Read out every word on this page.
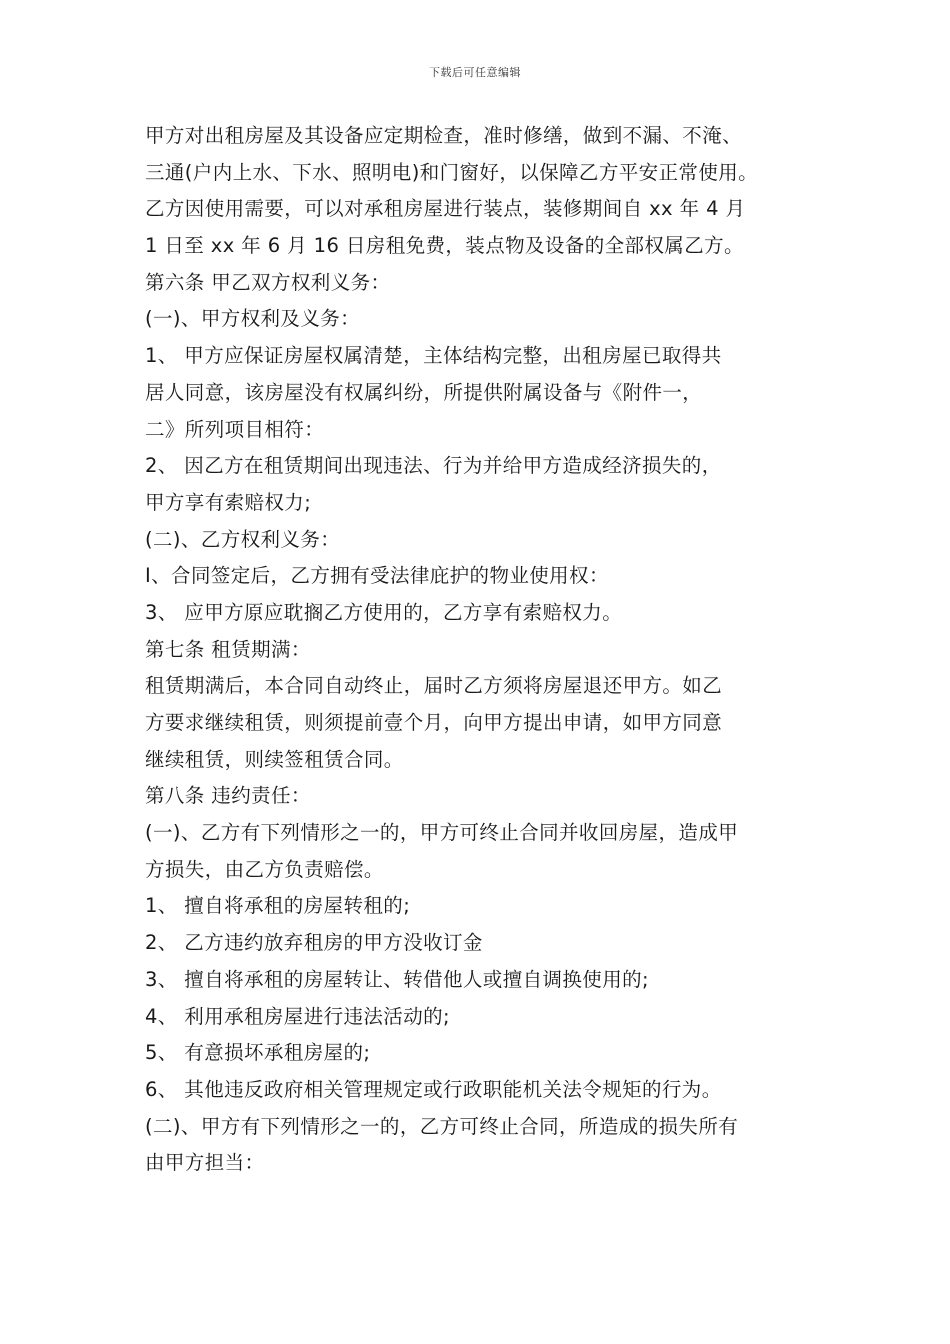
下载后可任意编辑
甲方对出租房屋及其设备应定期检查，准时修缮，做到不漏、不淹、
三通(户内上水、下水、照明电)和门窗好，以保障乙方平安正常使用。
乙方因使用需要，可以对承租房屋进行装点，装修期间自 xx 年 4 月
1 日至 xx 年 6 月 16 日房租免费，装点物及设备的全部权属乙方。
第六条 甲乙双方权利义务：
(一)、甲方权利及义务：
1、 甲方应保证房屋权属清楚，主体结构完整，出租房屋已取得共
居人同意，该房屋没有权属纠纷，所提供附属设备与《附件一，
二》所列项目相符：
2、 因乙方在租赁期间出现违法、行为并给甲方造成经济损失的，
甲方享有索赔权力;
(二)、乙方权利义务：
I、合同签定后，乙方拥有受法律庇护的物业使用权：
3、 应甲方原应耽搁乙方使用的，乙方享有索赔权力。
第七条 租赁期满：
租赁期满后，本合同自动终止，届时乙方须将房屋退还甲方。如乙
方要求继续租赁，则须提前壹个月，向甲方提出申请，如甲方同意
继续租赁，则续签租赁合同。
第八条 违约责任：
(一)、乙方有下列情形之一的，甲方可终止合同并收回房屋，造成甲
方损失，由乙方负责赔偿。
1、 擅自将承租的房屋转租的;
2、 乙方违约放弃租房的甲方没收订金
3、 擅自将承租的房屋转让、转借他人或擅自调换使用的;
4、 利用承租房屋进行违法活动的;
5、 有意损坏承租房屋的;
6、 其他违反政府相关管理规定或行政职能机关法令规矩的行为。
(二)、甲方有下列情形之一的，乙方可终止合同，所造成的损失所有
由甲方担当：
